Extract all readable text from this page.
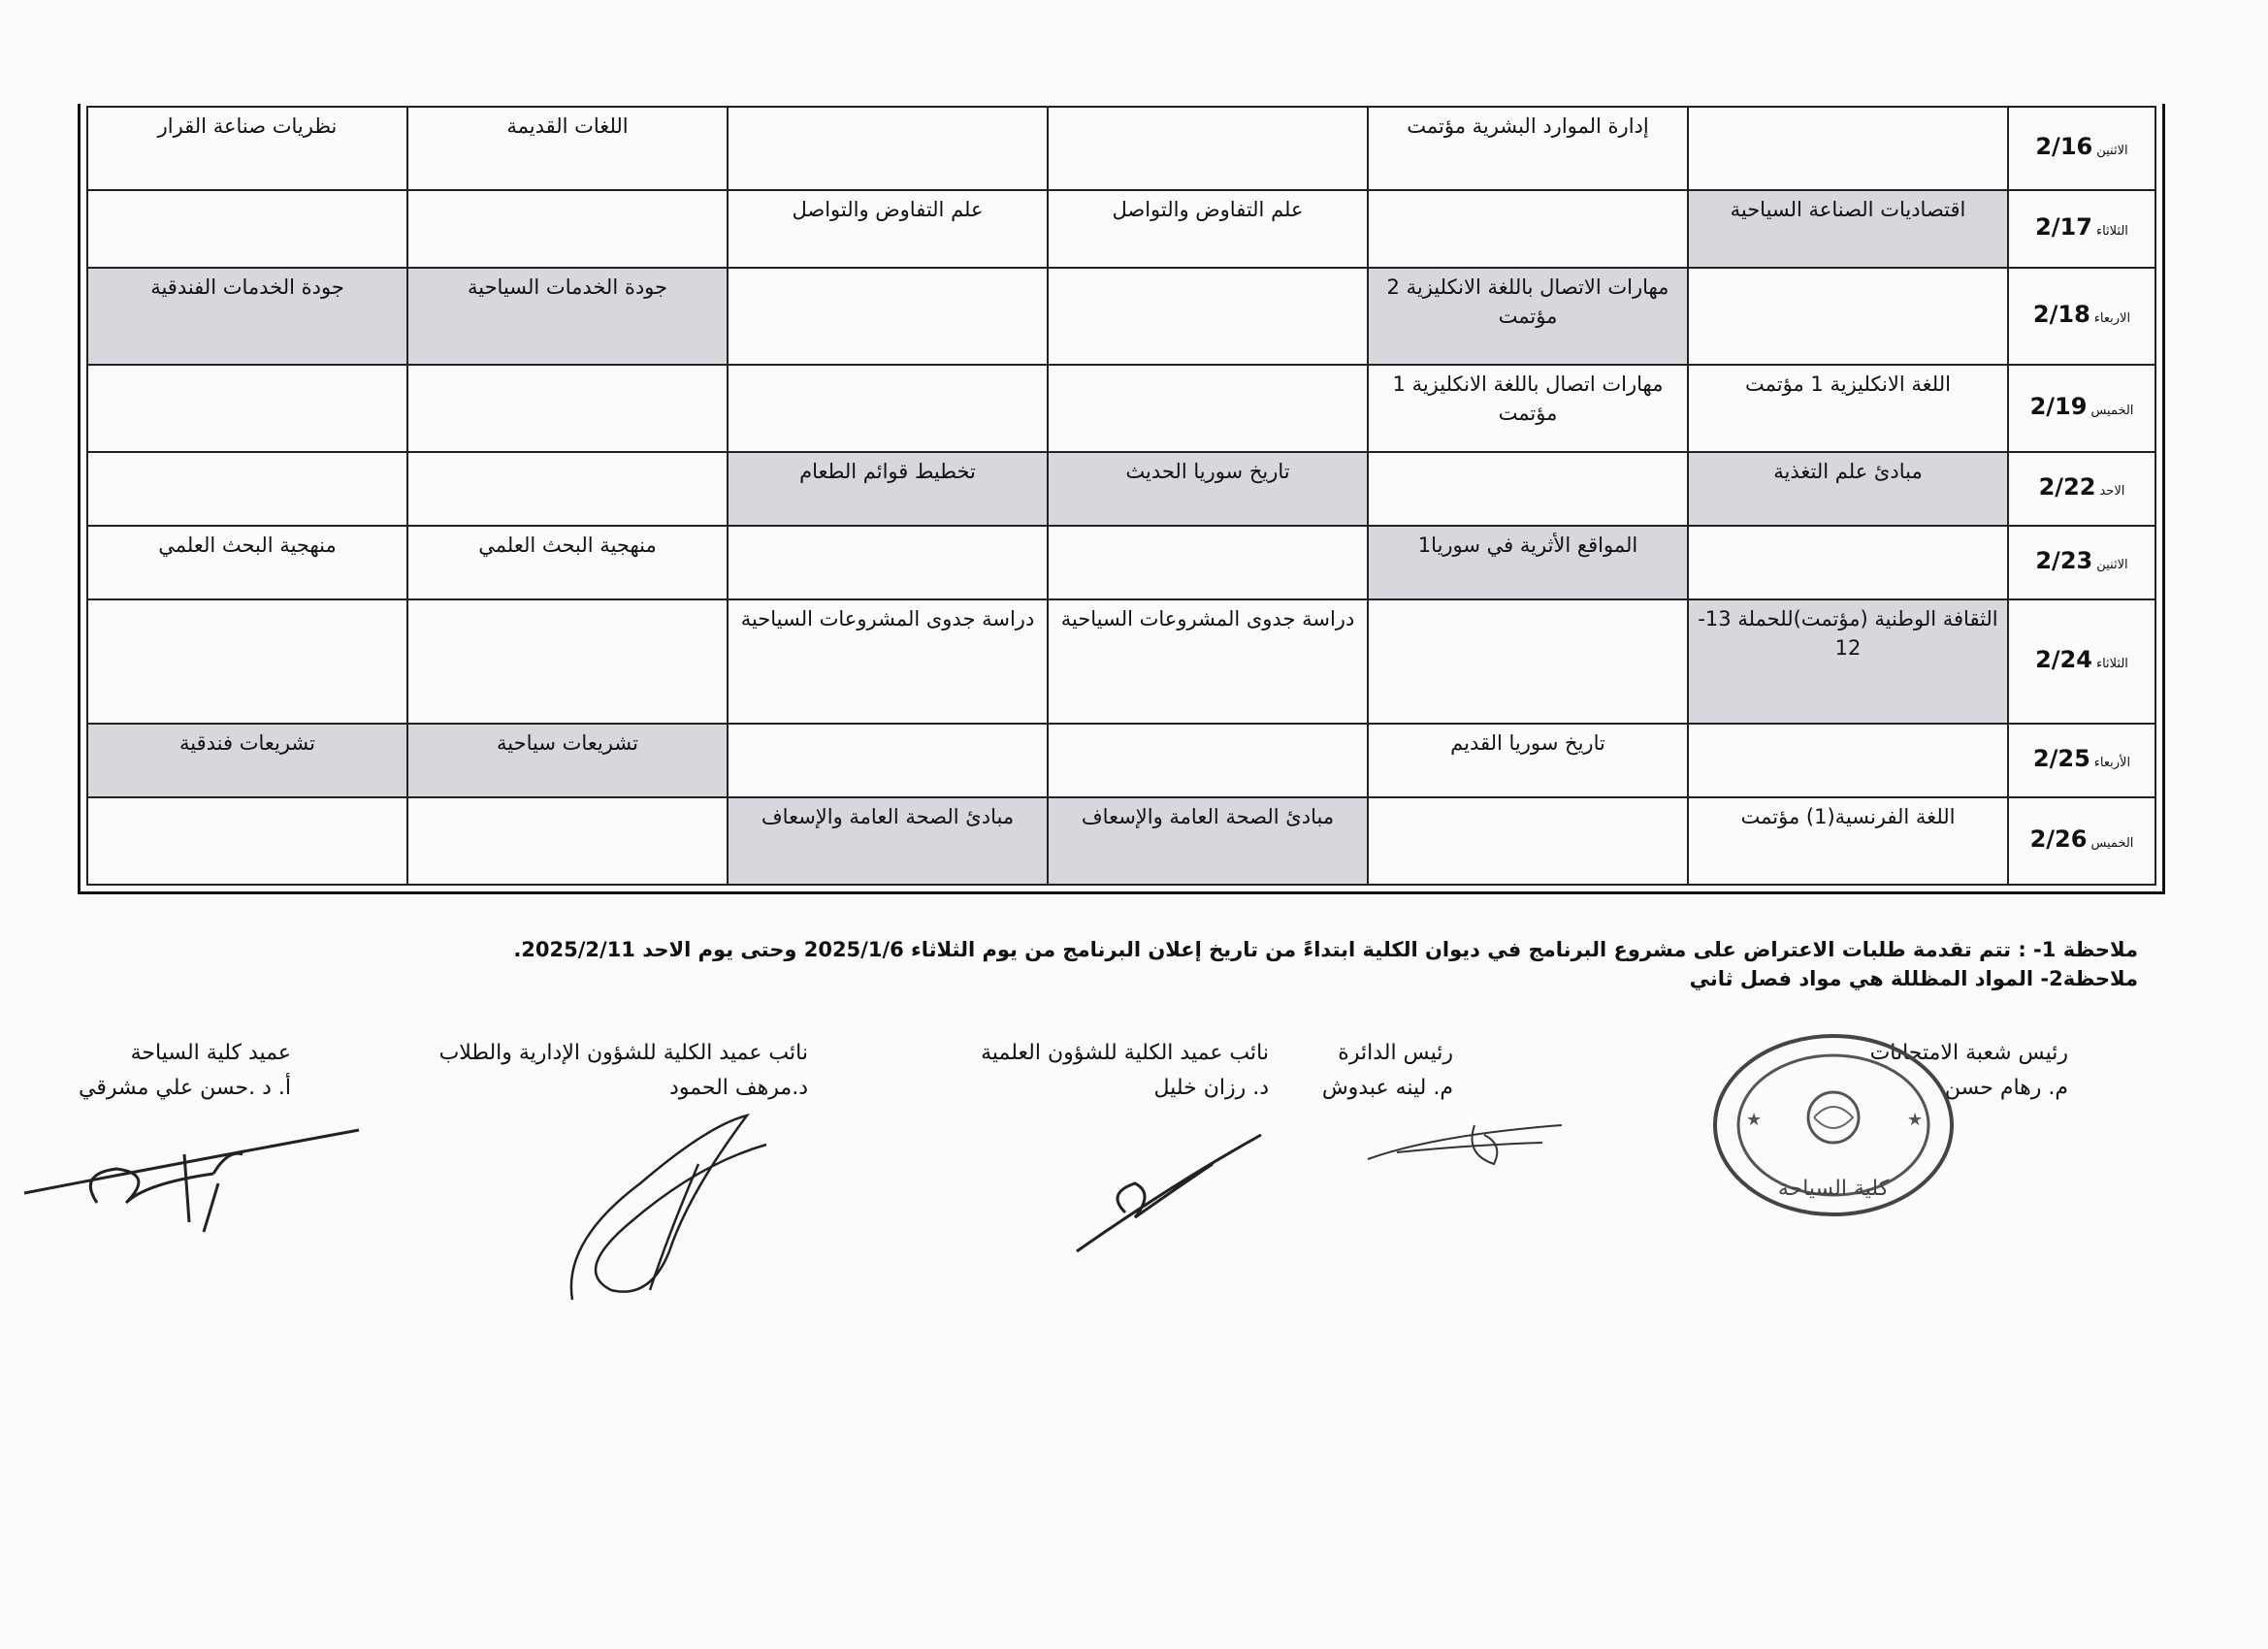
الاثنين2/16		إدارة الموارد البشرية مؤتمت			اللغات القديمة	نظريات صناعة القرار
الثلاثاء2/17	اقتصاديات الصناعة السياحية		علم التفاوض والتواصل	علم التفاوض والتواصل		
الاربعاء2/18		مهارات الاتصال باللغة الانكليزية 2 مؤتمت			جودة الخدمات السياحية	جودة الخدمات الفندقية
الخميس2/19	اللغة الانكليزية 1 مؤتمت	مهارات اتصال باللغة الانكليزية 1 مؤتمت				
الاحد2/22	مبادئ علم التغذية		تاريخ سوريا الحديث	تخطيط قوائم الطعام		
الاثنين2/23		المواقع الأثرية في سوريا1			منهجية البحث العلمي	منهجية البحث العلمي
الثلاثاء2/24	الثقافة الوطنية (مؤتمت)للحملة 13-12		دراسة جدوى المشروعات السياحية	دراسة جدوى المشروعات السياحية		
الأربعاء2/25		تاريخ سوريا القديم			تشريعات سياحية	تشريعات فندقية
الخميس2/26	اللغة الفرنسية(1) مؤتمت		مبادئ الصحة العامة والإسعاف	مبادئ الصحة العامة والإسعاف		

ملاحظة 1- : تتم تقدمة طلبات الاعتراض على مشروع البرنامج في ديوان الكلية ابتداءً من تاريخ إعلان البرنامج من يوم الثلاثاء 2025/1/6 وحتى يوم الاحد 2025/2/11.

ملاحظة2- المواد المظللة هي مواد فصل ثاني

رئيس شعبة الامتحانات
م. رهام حسن
رئيس الدائرة
م. لينه عبدوش
نائب عميد الكلية للشؤون العلمية
د. رزان خليل
نائب عميد الكلية للشؤون الإدارية والطلاب
د.مرهف الحمود
عميد كلية السياحة
أ. د .حسن علي مشرقي
كلية السياحة
★
★
